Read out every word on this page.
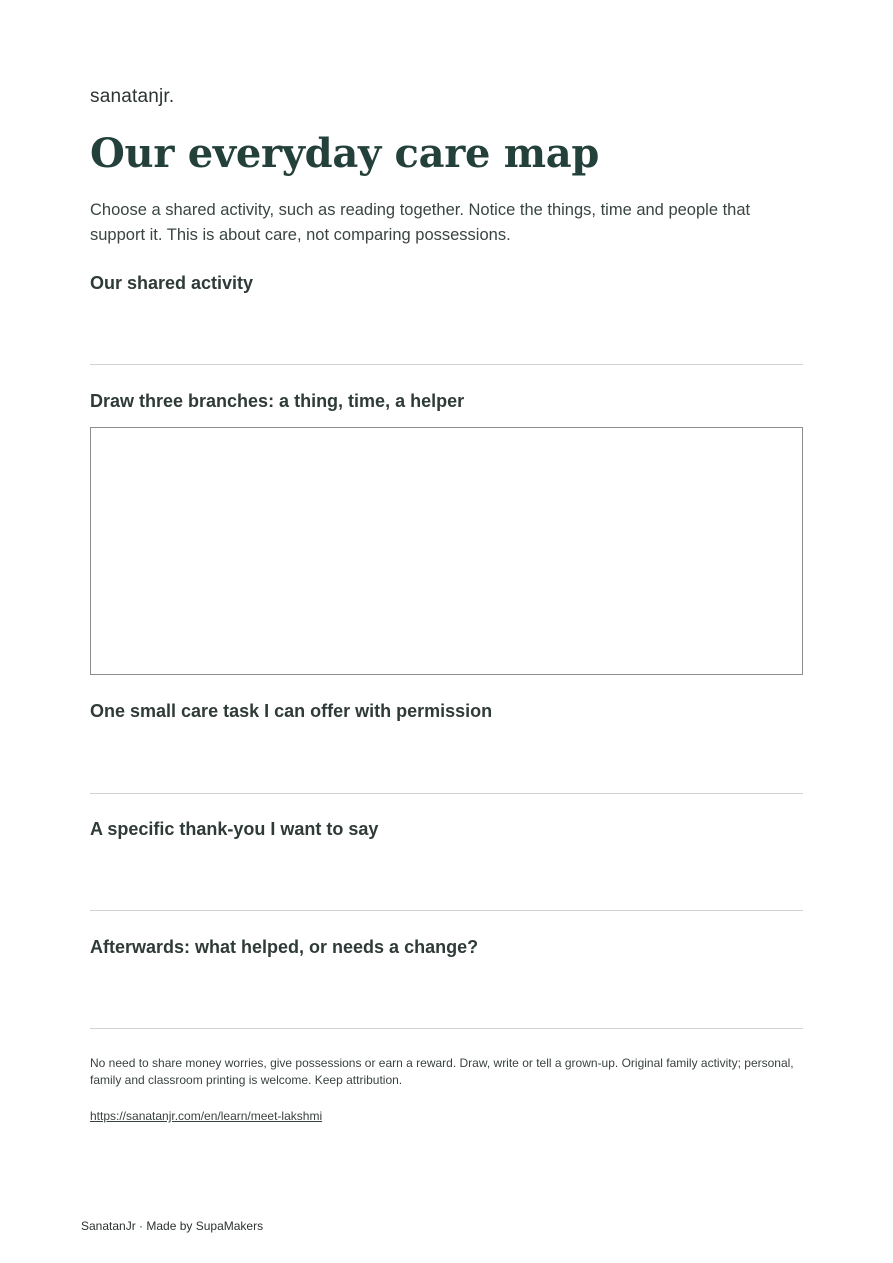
sanatanjr.
Our everyday care map

Choose a shared activity, such as reading together. Notice the things, time and people that support it. This is about care, not comparing possessions.

Our shared activity
Draw three branches: a thing, time, a helper
One small care task I can offer with permission
A specific thank-you I want to say
Afterwards: what helped, or needs a change?

No need to share money worries, give possessions or earn a reward. Draw, write or tell a grown-up. Original family activity; personal, family and classroom printing is welcome. Keep attribution.

https://sanatanjr.com/en/learn/meet-lakshmi
SanatanJr · Made by SupaMakers
